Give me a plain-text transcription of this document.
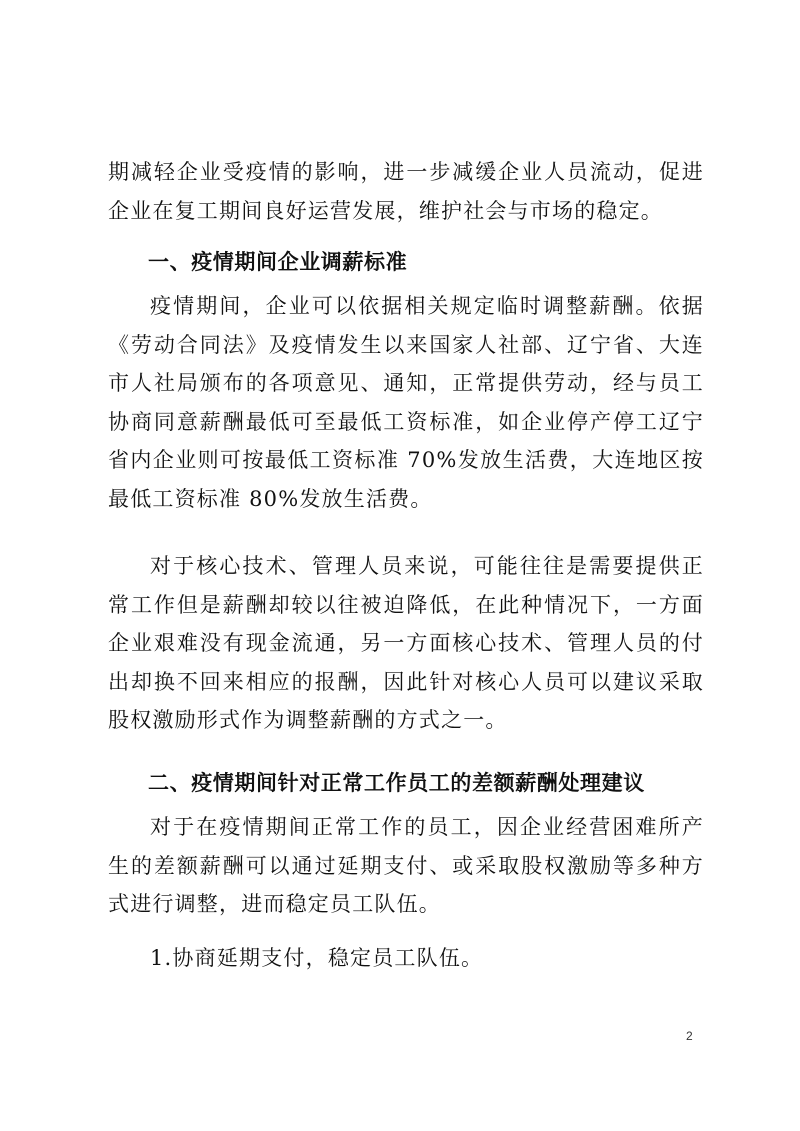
期减轻企业受疫情的影响，进一步减缓企业人员流动，促进企业在复工期间良好运营发展，维护社会与市场的稳定。

一、疫情期间企业调薪标准

疫情期间，企业可以依据相关规定临时调整薪酬。依据《劳动合同法》及疫情发生以来国家人社部、辽宁省、大连市人社局颁布的各项意见、通知，正常提供劳动，经与员工协商同意薪酬最低可至最低工资标准，如企业停产停工辽宁省内企业则可按最低工资标准 70%发放生活费，大连地区按最低工资标准 80%发放生活费。

对于核心技术、管理人员来说，可能往往是需要提供正常工作但是薪酬却较以往被迫降低，在此种情况下，一方面企业艰难没有现金流通，另一方面核心技术、管理人员的付出却换不回来相应的报酬，因此针对核心人员可以建议采取股权激励形式作为调整薪酬的方式之一。

二、疫情期间针对正常工作员工的差额薪酬处理建议

对于在疫情期间正常工作的员工，因企业经营困难所产生的差额薪酬可以通过延期支付、或采取股权激励等多种方式进行调整，进而稳定员工队伍。

1.协商延期支付，稳定员工队伍。

2
